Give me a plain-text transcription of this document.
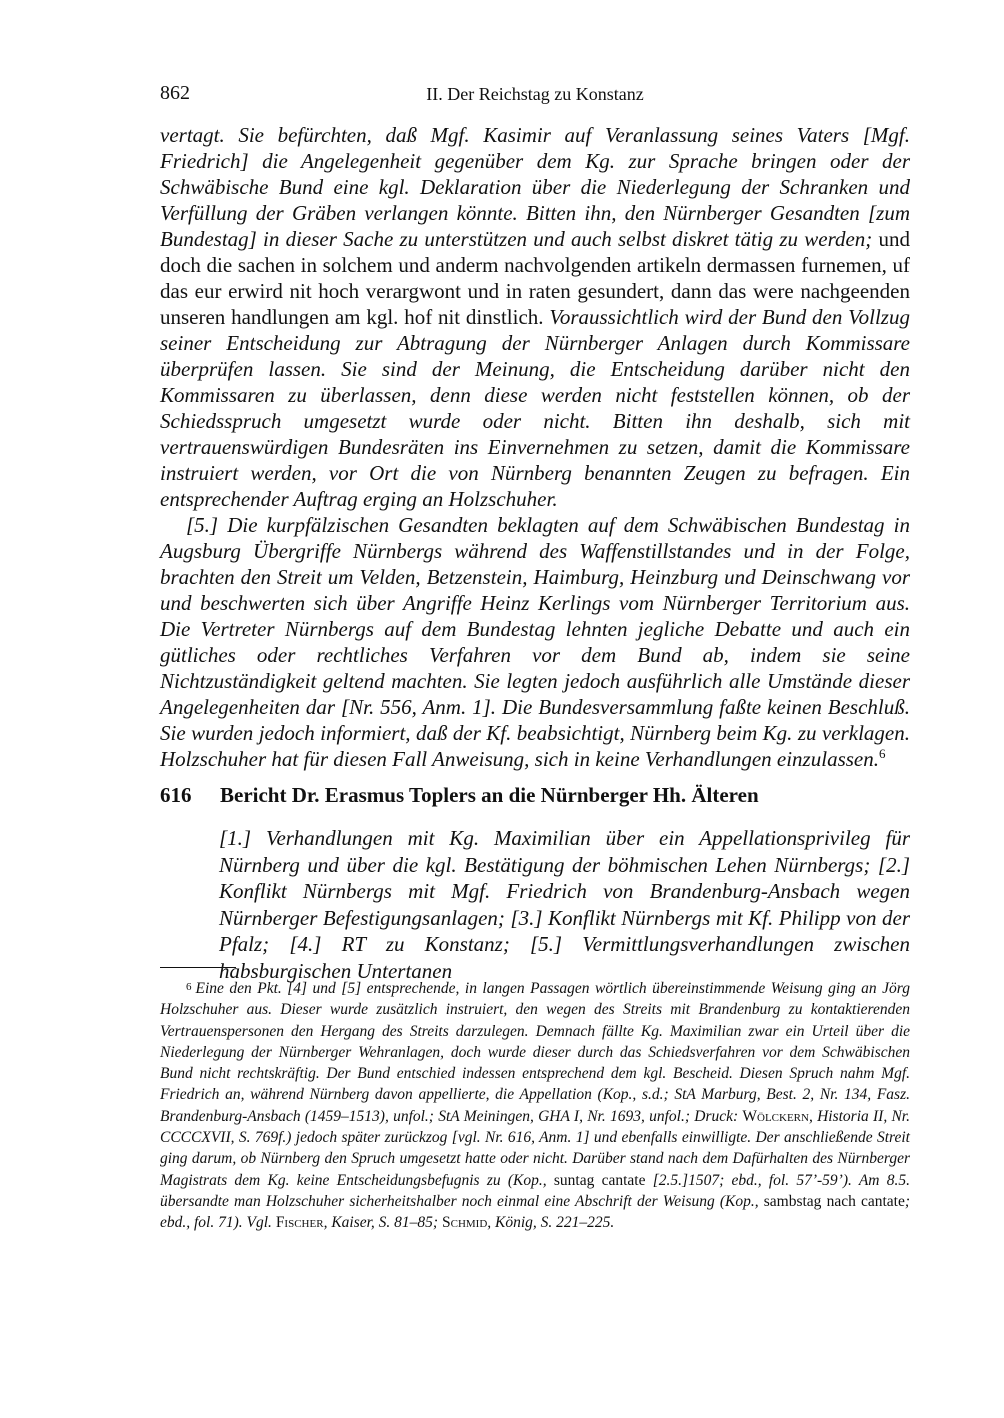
862	II. Der Reichstag zu Konstanz

vertagt. Sie befürchten, daß Mgf. Kasimir auf Veranlassung seines Vaters [Mgf. Friedrich] die Angelegenheit gegenüber dem Kg. zur Sprache bringen oder der Schwäbische Bund eine kgl. Deklaration über die Niederlegung der Schranken und Verfüllung der Gräben verlangen könnte. Bitten ihn, den Nürnberger Gesandten [zum Bundestag] in dieser Sache zu unterstützen und auch selbst diskret tätig zu werden; und doch die sachen in solchem und anderm nachvolgenden artikeln dermassen furnemen, uf das eur erwird nit hoch verargwont und in raten gesundert, dann das were nachgeenden unseren handlungen am kgl. hof nit dinstlich. Voraussichtlich wird der Bund den Vollzug seiner Entscheidung zur Abtragung der Nürnberger Anlagen durch Kommissare überprüfen lassen. Sie sind der Meinung, die Entscheidung darüber nicht den Kommissaren zu überlassen, denn diese werden nicht feststellen können, ob der Schiedsspruch umgesetzt wurde oder nicht. Bitten ihn deshalb, sich mit vertrauenswürdigen Bundesräten ins Einvernehmen zu setzen, damit die Kommissare instruiert werden, vor Ort die von Nürnberg benannten Zeugen zu befragen. Ein entsprechender Auftrag erging an Holzschuher.

[5.] Die kurpfälzischen Gesandten beklagten auf dem Schwäbischen Bundestag in Augsburg Übergriffe Nürnbergs während des Waffenstillstandes und in der Folge, brachten den Streit um Velden, Betzenstein, Haimburg, Heinzburg und Deinschwang vor und beschwerten sich über Angriffe Heinz Kerlings vom Nürnberger Territorium aus. Die Vertreter Nürnbergs auf dem Bundestag lehnten jegliche Debatte und auch ein gütliches oder rechtliches Verfahren vor dem Bund ab, indem sie seine Nichtzuständigkeit geltend machten. Sie legten jedoch ausführlich alle Umstände dieser Angelegenheiten dar [Nr. 556, Anm. 1]. Die Bundesversammlung faßte keinen Beschluß. Sie wurden jedoch informiert, daß der Kf. beabsichtigt, Nürnberg beim Kg. zu verklagen. Holzschuher hat für diesen Fall Anweisung, sich in keine Verhandlungen einzulassen.$^6$

616 Bericht Dr. Erasmus Toplers an die Nürnberger Hh. Älteren
[1.] Verhandlungen mit Kg. Maximilian über ein Appellationsprivileg für Nürnberg und über die kgl. Bestätigung der böhmischen Lehen Nürnbergs; [2.] Konflikt Nürnbergs mit Mgf. Friedrich von Brandenburg-Ansbach wegen Nürnberger Befestigungsanlagen; [3.] Konflikt Nürnbergs mit Kf. Philipp von der Pfalz; [4.] RT zu Konstanz; [5.] Vermittlungsverhandlungen zwischen habsburgischen Untertanen
6 Eine den Pkt. [4] und [5] entsprechende, in langen Passagen wörtlich übereinstimmende Weisung ging an Jörg Holzschuher aus. Dieser wurde zusätzlich instruiert, den wegen des Streits mit Brandenburg zu kontaktierenden Vertrauenspersonen den Hergang des Streits darzulegen. Demnach fällte Kg. Maximilian zwar ein Urteil über die Niederlegung der Nürnberger Wehranlagen, doch wurde dieser durch das Schiedsverfahren vor dem Schwäbischen Bund nicht rechtskräftig. Der Bund entschied indessen entsprechend dem kgl. Bescheid. Diesen Spruch nahm Mgf. Friedrich an, während Nürnberg davon appellierte, die Appellation (Kop., s.d.; StA Marburg, Best. 2, Nr. 134, Fasz. Brandenburg-Ansbach (1459–1513), unfol.; StA Meiningen, GHA I, Nr. 1693, unfol.; Druck: Wölckern, Historia II, Nr. CCCCXVII, S. 769f.) jedoch später zurückzog [vgl. Nr. 616, Anm. 1] und ebenfalls einwilligte. Der anschließende Streit ging darum, ob Nürnberg den Spruch umgesetzt hatte oder nicht. Darüber stand nach dem Dafürhalten des Nürnberger Magistrats dem Kg. keine Entscheidungsbefugnis zu (Kop., suntag cantate [2.5.]1507; ebd., fol. 57’-59’). Am 8.5. übersandte man Holzschuher sicherheitshalber noch einmal eine Abschrift der Weisung (Kop., sambstag nach cantate; ebd., fol. 71). Vgl. Fischer, Kaiser, S. 81–85; Schmid, König, S. 221–225.
